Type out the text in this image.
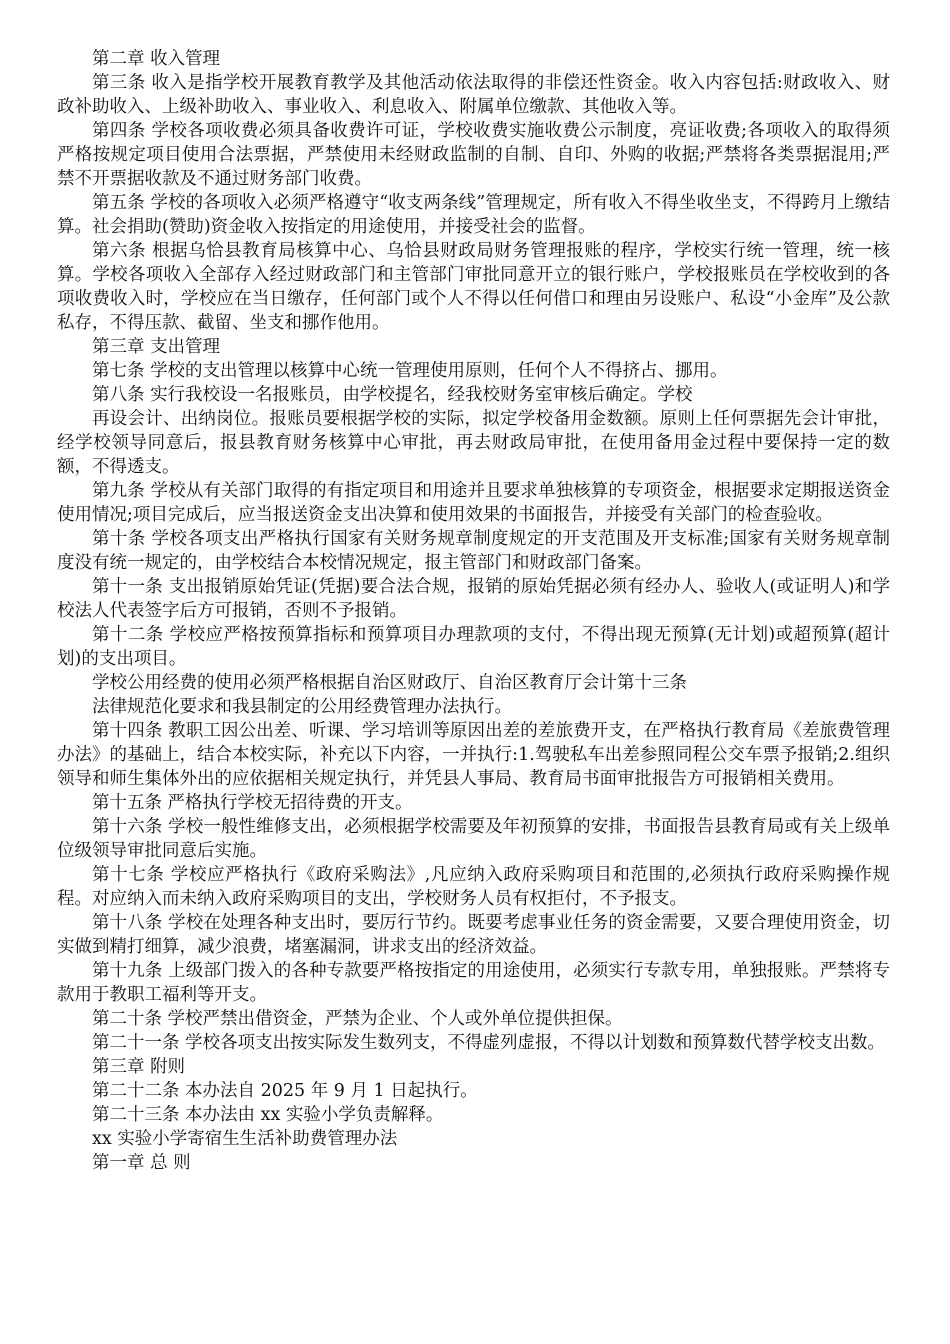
第二章 收入管理

第三条 收入是指学校开展教育教学及其他活动依法取得的非偿还性资金。收入内容包括:财政收入、财政补助收入、上级补助收入、事业收入、利息收入、附属单位缴款、其他收入等。

第四条 学校各项收费必须具备收费许可证，学校收费实施收费公示制度，亮证收费;各项收入的取得须严格按规定项目使用合法票据，严禁使用未经财政监制的自制、自印、外购的收据;严禁将各类票据混用;严禁不开票据收款及不通过财务部门收费。

第五条 学校的各项收入必须严格遵守“收支两条线”管理规定，所有收入不得坐收坐支，不得跨月上缴结算。社会捐助(赞助)资金收入按指定的用途使用，并接受社会的监督。

第六条 根据乌恰县教育局核算中心、乌恰县财政局财务管理报账的程序，学校实行统一管理，统一核算。学校各项收入全部存入经过财政部门和主管部门审批同意开立的银行账户，学校报账员在学校收到的各项收费收入时，学校应在当日缴存，任何部门或个人不得以任何借口和理由另设账户、私设“小金库”及公款私存，不得压款、截留、坐支和挪作他用。

第三章 支出管理

第七条 学校的支出管理以核算中心统一管理使用原则，任何个人不得挤占、挪用。

第八条 实行我校设一名报账员，由学校提名，经我校财务室审核后确定。学校

再设会计、出纳岗位。报账员要根据学校的实际，拟定学校备用金数额。原则上任何票据先会计审批，经学校领导同意后，报县教育财务核算中心审批，再去财政局审批，在使用备用金过程中要保持一定的数额，不得透支。

第九条 学校从有关部门取得的有指定项目和用途并且要求单独核算的专项资金，根据要求定期报送资金使用情况;项目完成后，应当报送资金支出决算和使用效果的书面报告，并接受有关部门的检查验收。

第十条 学校各项支出严格执行国家有关财务规章制度规定的开支范围及开支标准;国家有关财务规章制度没有统一规定的，由学校结合本校情况规定，报主管部门和财政部门备案。

第十一条 支出报销原始凭证(凭据)要合法合规，报销的原始凭据必须有经办人、验收人(或证明人)和学校法人代表签字后方可报销，否则不予报销。

第十二条 学校应严格按预算指标和预算项目办理款项的支付，不得出现无预算(无计划)或超预算(超计划)的支出项目。

学校公用经费的使用必须严格根据自治区财政厅、自治区教育厅会计第十三条

法律规范化要求和我县制定的公用经费管理办法执行。

第十四条 教职工因公出差、听课、学习培训等原因出差的差旅费开支，在严格执行教育局《差旅费管理办法》的基础上，结合本校实际，补充以下内容，一并执行:1.驾驶私车出差参照同程公交车票予报销;2.组织领导和师生集体外出的应依据相关规定执行，并凭县人事局、教育局书面审批报告方可报销相关费用。

第十五条 严格执行学校无招待费的开支。

第十六条 学校一般性维修支出，必须根据学校需要及年初预算的安排，书面报告县教育局或有关上级单位级领导审批同意后实施。

第十七条 学校应严格执行《政府采购法》,凡应纳入政府采购项目和范围的,必须执行政府采购操作规程。对应纳入而未纳入政府采购项目的支出，学校财务人员有权拒付，不予报支。

第十八条 学校在处理各种支出时，要厉行节约。既要考虑事业任务的资金需要，又要合理使用资金，切实做到精打细算，减少浪费，堵塞漏洞，讲求支出的经济效益。

第十九条 上级部门拨入的各种专款要严格按指定的用途使用，必须实行专款专用，单独报账。严禁将专款用于教职工福利等开支。

第二十条 学校严禁出借资金，严禁为企业、个人或外单位提供担保。

第二十一条 学校各项支出按实际发生数列支，不得虚列虚报，不得以计划数和预算数代替学校支出数。

第三章 附则

第二十二条 本办法自 2025 年 9 月 1 日起执行。

第二十三条 本办法由 xx 实验小学负责解释。

xx 实验小学寄宿生生活补助费管理办法

第一章 总 则
